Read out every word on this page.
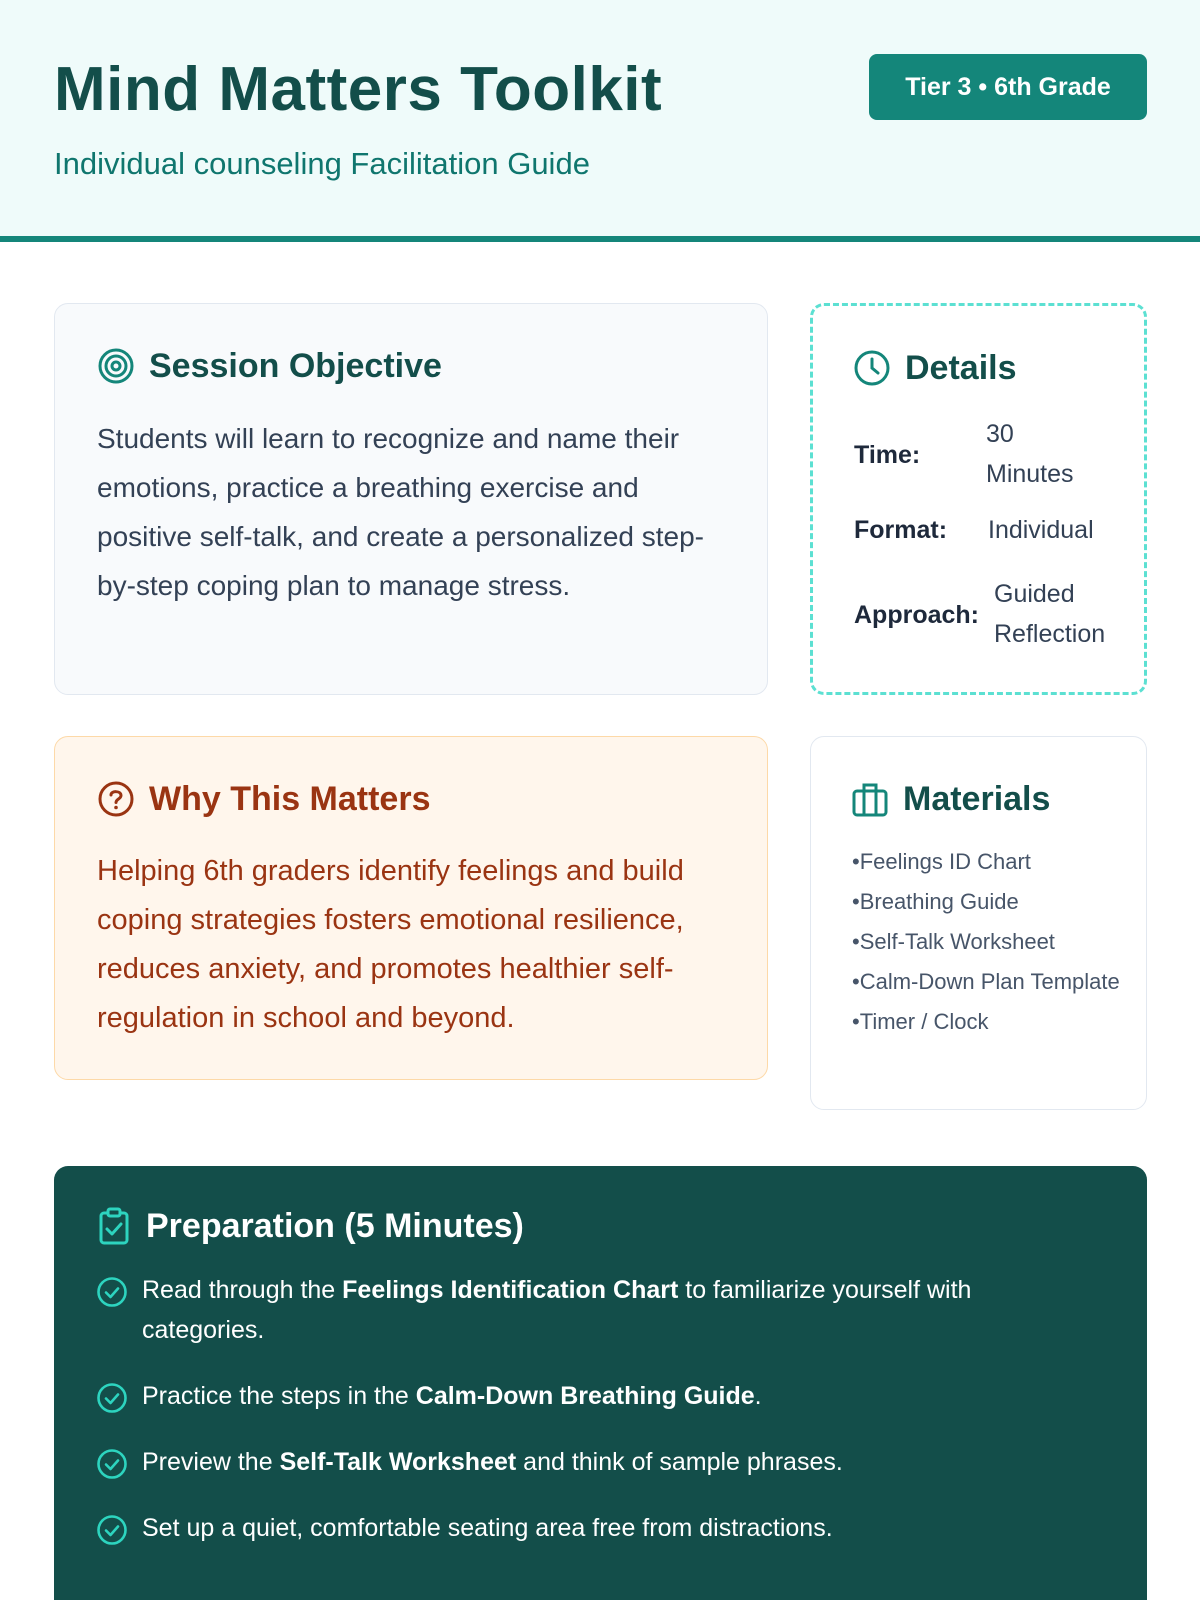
Mind Matters Toolkit
Individual counseling Facilitation Guide
Tier 3 • 6th Grade
Session Objective
Students will learn to recognize and name their emotions, practice a breathing exercise and positive self-talk, and create a personalized step-by-step coping plan to manage stress.
Details
Time:
30 Minutes
Format: Individual
Approach:
Guided Reflection
Why This Matters
Helping 6th graders identify feelings and build coping strategies fosters emotional resilience, reduces anxiety, and promotes healthier self-regulation in school and beyond.
Materials
• Feelings ID Chart
• Breathing Guide
• Self-Talk Worksheet
• Calm-Down Plan Template
• Timer / Clock
Preparation (5 Minutes)
Read through the Feelings Identification Chart to familiarize yourself with categories.
Practice the steps in the Calm-Down Breathing Guide.
Preview the Self-Talk Worksheet and think of sample phrases.
Set up a quiet, comfortable seating area free from distractions.
